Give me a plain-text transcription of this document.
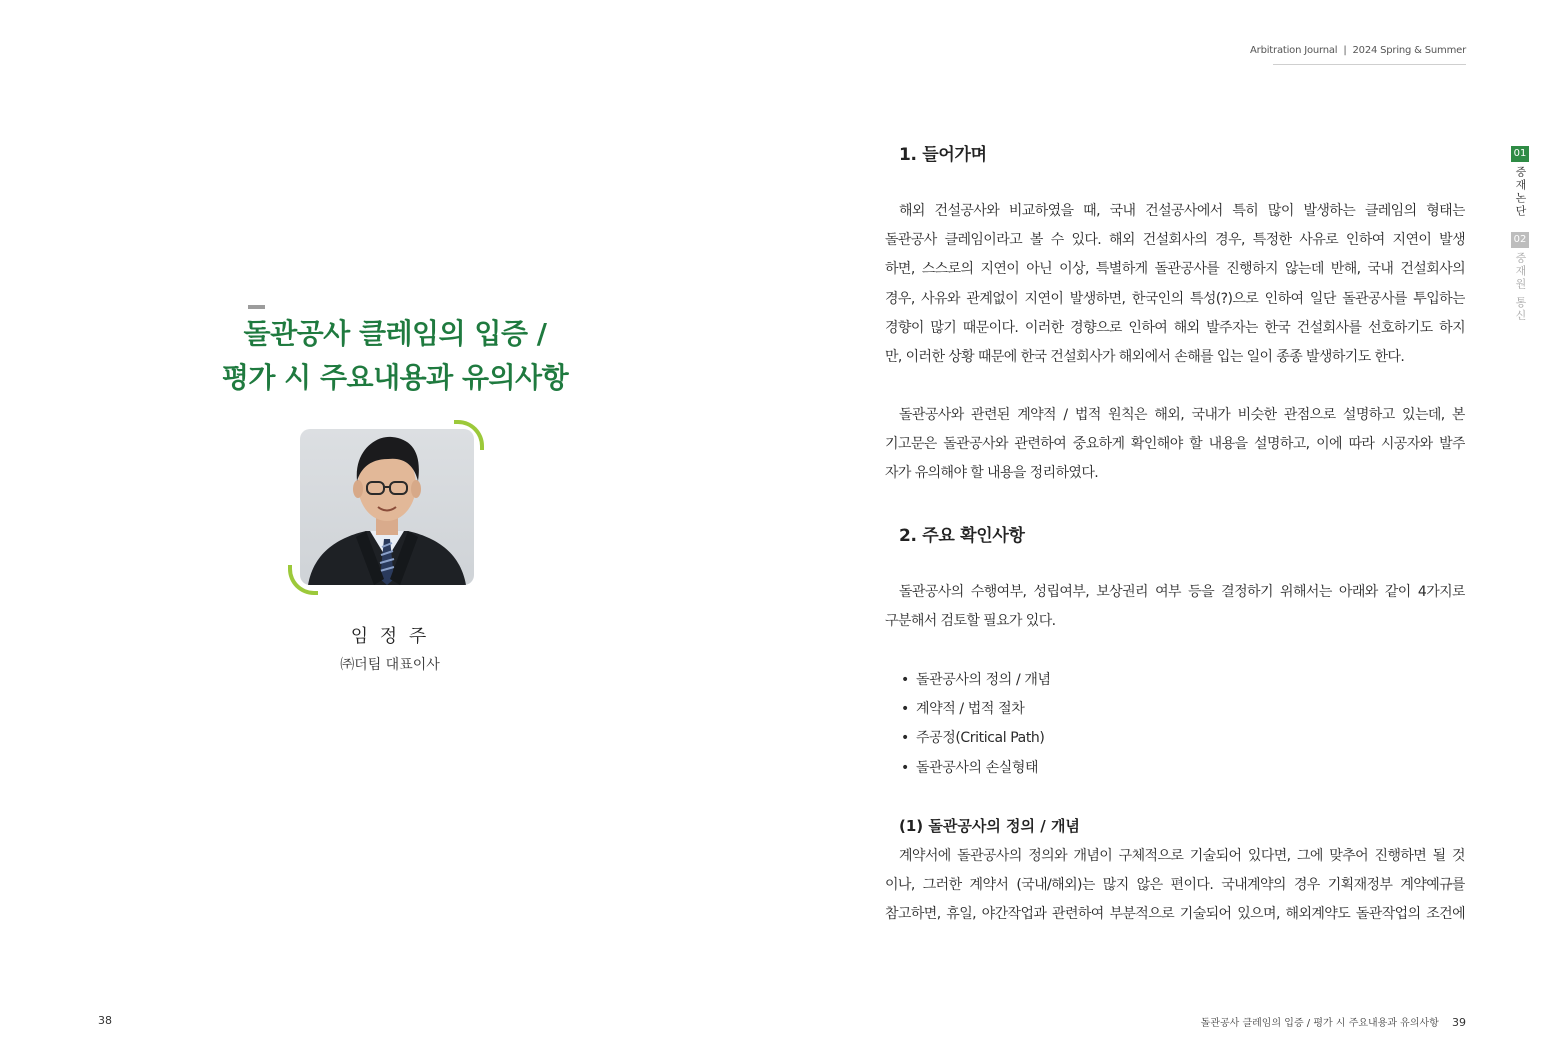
Arbitration Journal | 2024 Spring & Summer
01
중재논단
02
중재원 통신
돌관공사 클레임의 입증 /
평가 시 주요내용과 유의사항
임 정 주
㈜더팀 대표이사
1. 들어가며
해외 건설공사와 비교하였을 때, 국내 건설공사에서 특히 많이 발생하는 클레임의 형태는
돌관공사 클레임이라고 볼 수 있다. 해외 건설회사의 경우, 특정한 사유로 인하여 지연이 발생
하면, 스스로의 지연이 아닌 이상, 특별하게 돌관공사를 진행하지 않는데 반해, 국내 건설회사의
경우, 사유와 관계없이 지연이 발생하면, 한국인의 특성(?)으로 인하여 일단 돌관공사를 투입하는
경향이 많기 때문이다. 이러한 경향으로 인하여 해외 발주자는 한국 건설회사를 선호하기도 하지
만, 이러한 상황 때문에 한국 건설회사가 해외에서 손해를 입는 일이 종종 발생하기도 한다.
돌관공사와 관련된 계약적 / 법적 원칙은 해외, 국내가 비슷한 관점으로 설명하고 있는데, 본
기고문은 돌관공사와 관련하여 중요하게 확인해야 할 내용을 설명하고, 이에 따라 시공자와 발주
자가 유의해야 할 내용을 정리하였다.
2. 주요 확인사항
돌관공사의 수행여부, 성립여부, 보상권리 여부 등을 결정하기 위해서는 아래와 같이 4가지로
구분해서 검토할 필요가 있다.
• 돌관공사의 정의 / 개념
• 계약적 / 법적 절차
• 주공정(Critical Path)
• 돌관공사의 손실형태
(1) 돌관공사의 정의 / 개념
계약서에 돌관공사의 정의와 개념이 구체적으로 기술되어 있다면, 그에 맞추어 진행하면 될 것
이나, 그러한 계약서 (국내/해외)는 많지 않은 편이다. 국내계약의 경우 기획재정부 계약예규를
참고하면, 휴일, 야간작업과 관련하여 부분적으로 기술되어 있으며, 해외계약도 돌관작업의 조건에
38	돌관공사 클레임의 입증 / 평가 시 주요내용과 유의사항 39
